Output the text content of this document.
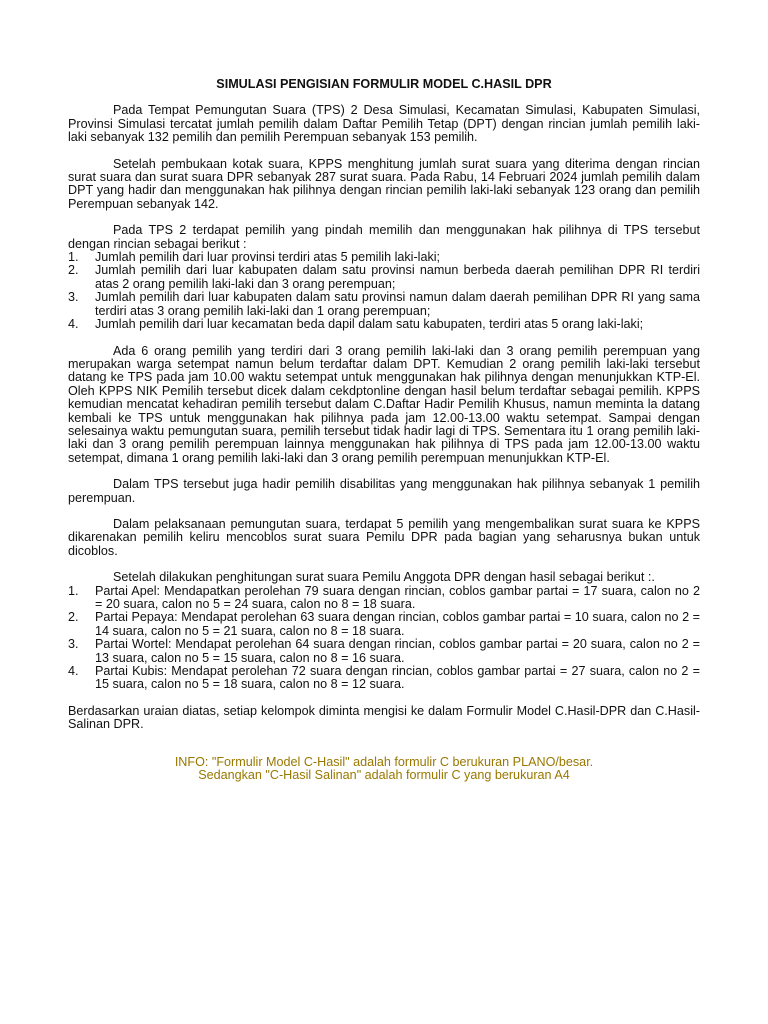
SIMULASI PENGISIAN FORMULIR MODEL C.HASIL DPR

Pada Tempat Pemungutan Suara (TPS) 2 Desa Simulasi, Kecamatan Simulasi, Kabupaten Simulasi, Provinsi Simulasi tercatat jumlah pemilih dalam Daftar Pemilih Tetap (DPT) dengan rincian jumlah pemilih laki-laki sebanyak 132 pemilih dan pemilih Perempuan sebanyak 153 pemilih.

Setelah pembukaan kotak suara, KPPS menghitung jumlah surat suara yang diterima dengan rincian surat suara dan surat suara DPR sebanyak 287 surat suara. Pada Rabu, 14 Februari 2024 jumlah pemilih dalam DPT yang hadir dan menggunakan hak pilihnya dengan rincian pemilih laki-laki sebanyak 123 orang dan pemilih Perempuan sebanyak 142.

Pada TPS 2 terdapat pemilih yang pindah memilih dan menggunakan hak pilihnya di TPS tersebut dengan rincian sebagai berikut :

1. Jumlah pemilih dari luar provinsi terdiri atas 5 pemilih laki-laki;
2. Jumlah pemilih dari luar kabupaten dalam satu provinsi namun berbeda daerah pemilihan DPR RI terdiri atas 2 orang pemilih laki-laki dan 3 orang perempuan;
3. Jumlah pemilih dari luar kabupaten dalam satu provinsi namun dalam daerah pemilihan DPR RI yang sama terdiri atas 3 orang pemilih laki-laki dan 1 orang perempuan;
4. Jumlah pemilih dari luar kecamatan beda dapil dalam satu kabupaten, terdiri atas 5 orang laki-laki;

Ada 6 orang pemilih yang terdiri dari 3 orang pemilih laki-laki dan 3 orang pemilih perempuan yang merupakan warga setempat namun belum terdaftar dalam DPT. Kemudian 2 orang pemilih laki-laki tersebut datang ke TPS pada jam 10.00 waktu setempat untuk menggunakan hak pilihnya dengan menunjukkan KTP-El. Oleh KPPS NIK Pemilih tersebut dicek dalam cekdptonline dengan hasil belum terdaftar sebagai pemilih. KPPS kemudian mencatat kehadiran pemilih tersebut dalam C.Daftar Hadir Pemilih Khusus, namun meminta la datang kembali ke TPS untuk menggunakan hak pilihnya pada jam 12.00-13.00 waktu setempat. Sampai dengan selesainya waktu pemungutan suara, pemilih tersebut tidak hadir lagi di TPS. Sementara itu 1 orang pemilih laki-laki dan 3 orang pemilih perempuan lainnya menggunakan hak pilihnya di TPS pada jam 12.00-13.00 waktu setempat, dimana 1 orang pemilih laki-laki dan 3 orang pemilih perempuan menunjukkan KTP-El.

Dalam TPS tersebut juga hadir pemilih disabilitas yang menggunakan hak pilihnya sebanyak 1 pemilih perempuan.

Dalam pelaksanaan pemungutan suara, terdapat 5 pemilih yang mengembalikan surat suara ke KPPS dikarenakan pemilih keliru mencoblos surat suara Pemilu DPR pada bagian yang seharusnya bukan untuk dicoblos.

Setelah dilakukan penghitungan surat suara Pemilu Anggota DPR dengan hasil sebagai berikut :.

1. Partai Apel: Mendapatkan perolehan 79 suara dengan rincian, coblos gambar partai = 17 suara, calon no 2 = 20 suara, calon no 5 = 24 suara, calon no 8 = 18 suara.
2. Partai Pepaya: Mendapat perolehan 63 suara dengan rincian, coblos gambar partai = 10 suara, calon no 2 = 14 suara, calon no 5 = 21 suara, calon no 8 = 18 suara.
3. Partai Wortel: Mendapat perolehan 64 suara dengan rincian, coblos gambar partai = 20 suara, calon no 2 = 13 suara, calon no 5 = 15 suara, calon no 8 = 16 suara.
4. Partai Kubis: Mendapat perolehan 72 suara dengan rincian, coblos gambar partai = 27 suara, calon no 2 = 15 suara, calon no 5 = 18 suara, calon no 8 = 12 suara.

Berdasarkan uraian diatas, setiap kelompok diminta mengisi ke dalam Formulir Model C.Hasil-DPR dan C.Hasil- Salinan DPR.

INFO: "Formulir Model C-Hasil" adalah formulir C berukuran PLANO/besar.
Sedangkan "C-Hasil Salinan" adalah formulir C yang berukuran A4
